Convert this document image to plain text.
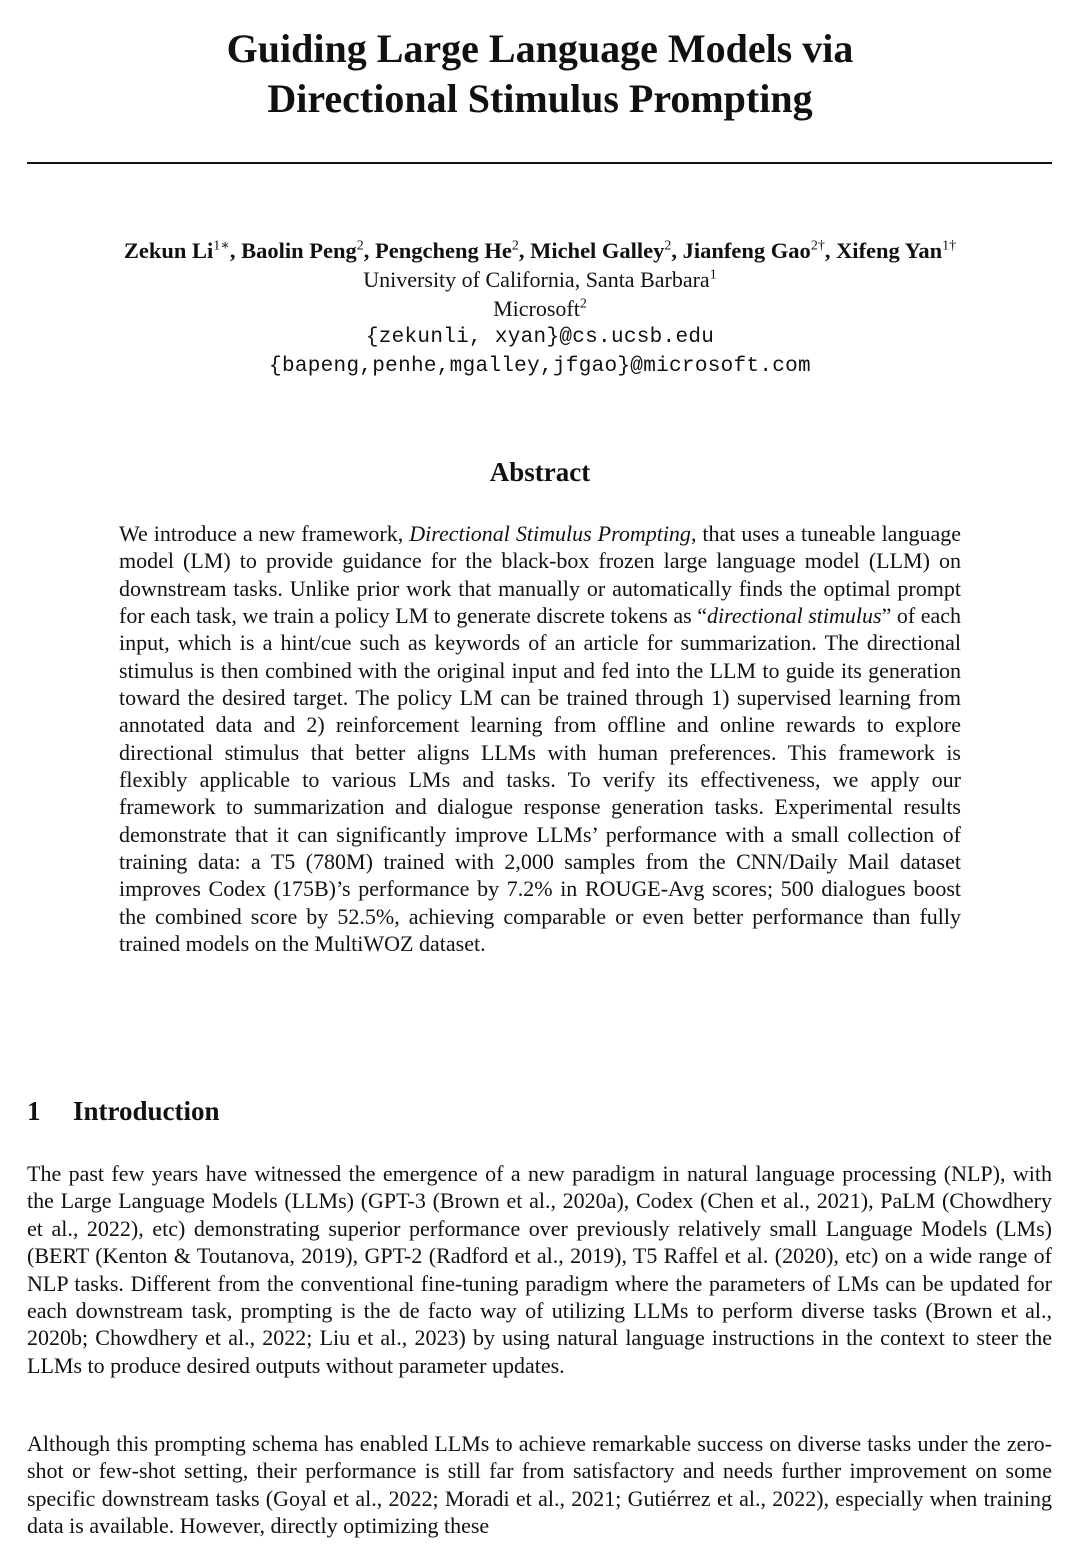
Guiding Large Language Models via
Directional Stimulus Prompting
Zekun $Li^{1∗}$, Baolin Peng$^2$, Pengcheng He$^2$, Michel Galley$^2$, Jianfeng Gao$^{2\dagger}$, Xifeng Yan$^{1\dagger}$
University of California, Santa Barbara$^1$
Microsoft$^2$
{zekunli, xyan}@cs.ucsb.edu
{bapeng,penhe,mgalley,jfgao}@microsoft.com
Abstract

We introduce a new framework, Directional Stimulus Prompting, that uses a tuneable language model (LM) to provide guidance for the black-box frozen large language model (LLM) on downstream tasks. Unlike prior work that manually or automatically finds the optimal prompt for each task, we train a policy LM to generate discrete tokens as “directional stimulus” of each input, which is a hint/cue such as keywords of an article for summarization. The directional stimulus is then combined with the original input and fed into the LLM to guide its generation toward the desired target. The policy LM can be trained through 1) supervised learning from annotated data and 2) reinforcement learning from offline and online rewards to explore directional stimulus that better aligns LLMs with human preferences. This framework is flexibly applicable to various LMs and tasks. To verify its effectiveness, we apply our framework to summarization and dialogue response generation tasks. Experimental results demonstrate that it can significantly improve LLMs’ performance with a small collection of training data: a T5 (780M) trained with 2,000 samples from the CNN/Daily Mail dataset improves Codex (175B)’s performance by 7.2% in ROUGE-Avg scores; 500 dialogues boost the combined score by 52.5%, achieving comparable or even better performance than fully trained models on the MultiWOZ dataset.

1 Introduction

The past few years have witnessed the emergence of a new paradigm in natural language processing (NLP), with the Large Language Models (LLMs) (GPT-3 (Brown et al., 2020a), Codex (Chen et al., 2021), PaLM (Chowdhery et al., 2022), etc) demonstrating superior performance over previously relatively small Language Models (LMs) (BERT (Kenton & Toutanova, 2019), GPT-2 (Radford et al., 2019), T5 Raffel et al. (2020), etc) on a wide range of NLP tasks. Different from the conventional fine-tuning paradigm where the parameters of LMs can be updated for each downstream task, prompting is the de facto way of utilizing LLMs to perform diverse tasks (Brown et al., 2020b; Chowdhery et al., 2022; Liu et al., 2023) by using natural language instructions in the context to steer the LLMs to produce desired outputs without parameter updates.

Although this prompting schema has enabled LLMs to achieve remarkable success on diverse tasks under the zero-shot or few-shot setting, their performance is still far from satisfactory and needs further improvement on some specific downstream tasks (Goyal et al., 2022; Moradi et al., 2021; Gutiérrez et al., 2022), especially when training data is available. However, directly optimizing these
